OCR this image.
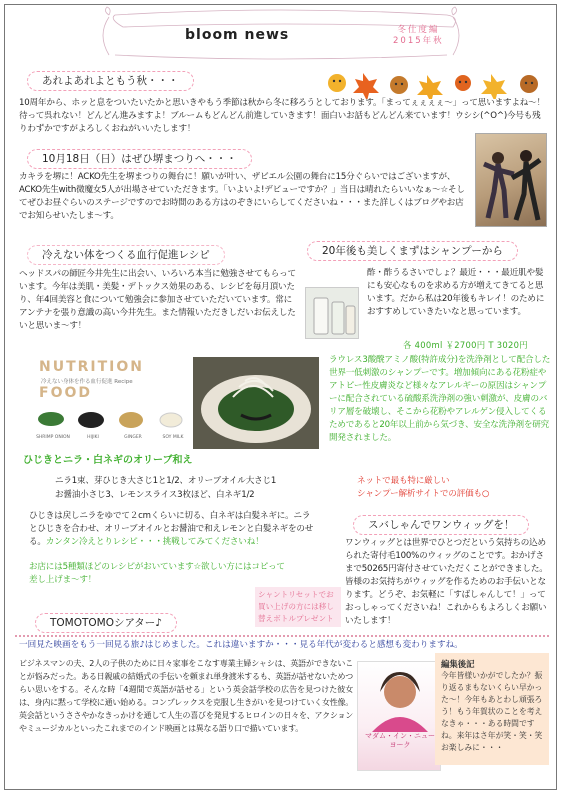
bloom news	冬仕度編
2015年秋
あれよあれよともう秋・・・
10周年から、ホッと息をついたいたかと思いきやもう季節は秋から冬に移ろうとしております。「まってぇぇぇぇ～」って思いますよね～！待って呉れない！どんどん進みますよ！ブルームもどんどん前進していきます！面白いお話もどんどん来ています！ウシシ(^O^)今号も残りわずかですがよろしくおねがいいたします！
10月18日（日）はぜひ堺まつりへ・・・
カキラを堺に！ACKO先生を堺まつりの舞台に！願いが叶い、ザビエル公園の舞台に15分ぐらいではございますが、ACKO先生with微魔女5人が出場させていただきます。「いよいよ!デビューですか？」当日は晴れたらいいなぁ～☆そしてぜひお昼ぐらいのステージですのでお時間のある方はのぞきにいらしてくださいね・・・また詳しくはブログやお店でお知らせいたしま～す。
冷えない体をつくる血行促進レシピ
ヘッドスパの師匠今井先生に出会い、いろいろ本当に勉強させてもらっています。今年は美肌・美髪・デトックス効果のある、レシピを毎月頂いたり、年4回美容と食について勉強会に参加させていただいています。常にアンテナを張り意識の高い今井先生。また情報いただきしだいお伝えしたいと思いま～す！
NUTRITION
冷えない身体を作る血行促進 Recipe
FOOD
SHRIMP ONION	HIJIKI	GINGER	SOY MILK
ひじきとニラ・白ネギのオリーブ和え
ニラ1束、芽ひじき大さじ1と1/2、オリーブオイル大さじ1
お醤油小さじ3、レモンスライス3枚ほど、白ネギ1/2
ひじきは戻しニラをゆでて２cmくらいに切る、白ネギは白髪ネギに。ニラとひじきを合わせ、オリーブオイルとお醤油で和えレモンと白髪ネギをのせる。カンタン冷えとりレシピ・・・挑戦してみてくださいね！
お店には5種類ほどのレシピがおいています☆欲しい方にはコピって差し上げま～す！
20年後も美しくまずはシャンプーから
酢・酢うるさいでしょ？最近・・・最近肌や髪にも安心なものを求める方が増えてきてると思います。だから私は20年後もキレイ！のためにおすすめしていきたいなと思っています。
各 400ml ￥2700円 T 3020円
ラウレス3酸醗アミノ酸(特許成分)を洗浄剤として配合した世界一低刺激のシャンプーです。増加傾向にある花粉症やアトピー性皮膚炎など様々なアレルギーの原因はシャンプーに配合されている硫酸系洗浄剤の強い刺激が、皮膚のバリア層を破壊し、そこから花粉やアレルゲン侵入してくるためであると20年以上前から気づき、安全な洗浄剤を研究開発されました。
ネットで最も特に厳しい
シャンプー解析サイトでの評価も○
スバしゃんでワンウィッグを！
ワンウィッグとは世界でひとつだという気持ちの込められた寄付毛100%のウィッグのことです。おかげさまで50265円寄付させていただくことができました。皆様のお気持ちがウィッグを作るためのお手伝いとなります。どうぞ、お気軽に「すばしゃんして！」っておっしゃってくださいね！これからもよろしくお願いいたします！
シャントリセットでお買い上げの方には移し替えボトルプレゼント
TOMOTOMOシアター♪
一回見た映画をもう一回見る旅♪はじめました。これは違いますか・・・見る年代が変わると感想も変わりますね。
ビジネスマンの夫、2人の子供のために日々家事をこなす専業主婦シャシは、英語ができないことが悩みだった。ある日親戚の結婚式の手伝いを頼まれ単身渡米するも、英語が話せないためつらい思いをする。そんな時「4週間で英語が話せる」という英会話学校の広告を見つけた彼女は、身内に黙って学校に通い始める。コンプレックスを克服し生きがいを見つけていく女性像。英会話というささやかなきっかけを通して人生の喜びを発見するヒロインの日々を、アクションやミュージカルといったこれまでのインド映画とは異なる語り口で描いています。
マダム・イン・ニューヨーク
編集後記
今年皆様いかがでしたか？振り返るまもないくらい早かった～！今年もあとわし頑張ろう！もう年賀状のことを考えなきゃ・・・ある時間ですね。来年はさ年が笑・笑・笑お楽しみに・・・
